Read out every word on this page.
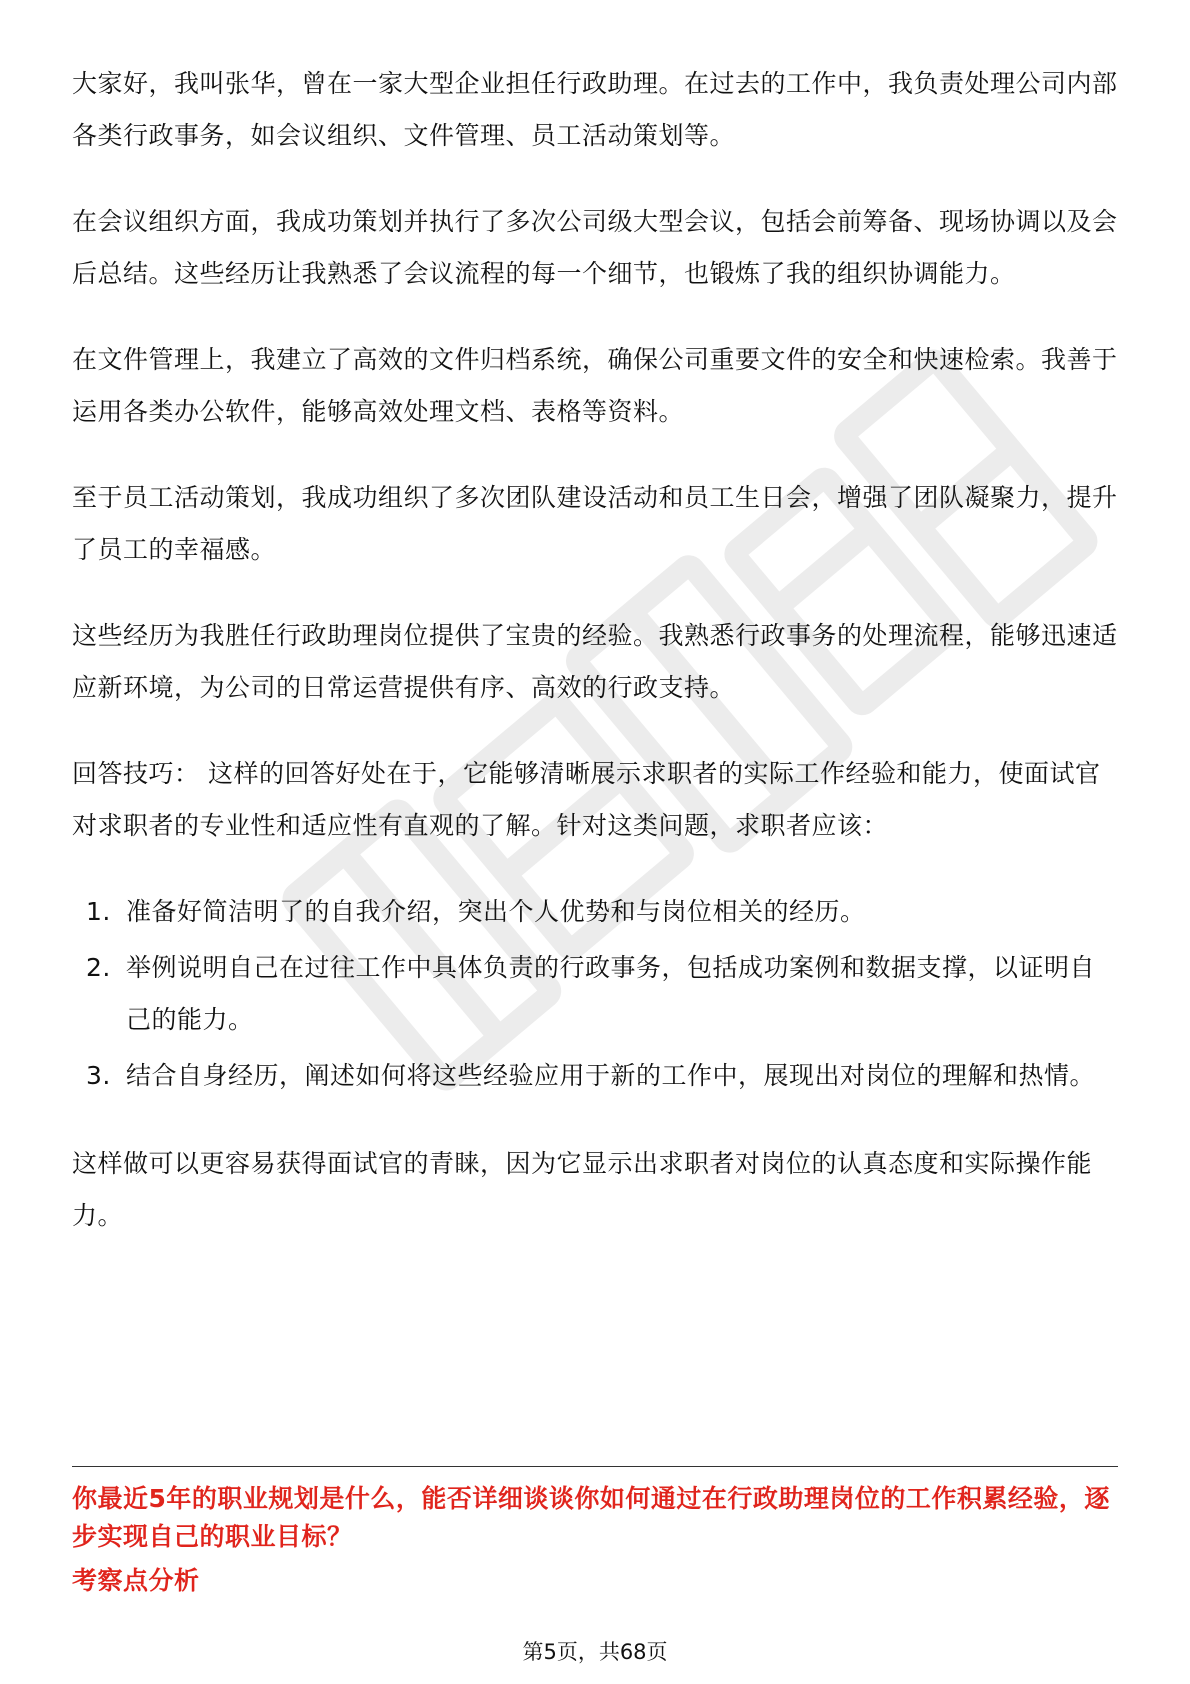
大家好，我叫张华，曾在一家大型企业担任行政助理。在过去的工作中，我负责处理公司内部各类行政事务，如会议组织、文件管理、员工活动策划等。

在会议组织方面，我成功策划并执行了多次公司级大型会议，包括会前筹备、现场协调以及会后总结。这些经历让我熟悉了会议流程的每一个细节，也锻炼了我的组织协调能力。

在文件管理上，我建立了高效的文件归档系统，确保公司重要文件的安全和快速检索。我善于运用各类办公软件，能够高效处理文档、表格等资料。

至于员工活动策划，我成功组织了多次团队建设活动和员工生日会，增强了团队凝聚力，提升了员工的幸福感。

这些经历为我胜任行政助理岗位提供了宝贵的经验。我熟悉行政事务的处理流程，能够迅速适应新环境，为公司的日常运营提供有序、高效的行政支持。

回答技巧： 这样的回答好处在于，它能够清晰展示求职者的实际工作经验和能力，使面试官对求职者的专业性和适应性有直观的了解。针对这类问题，求职者应该：

1. 准备好简洁明了的自我介绍，突出个人优势和与岗位相关的经历。
2. 举例说明自己在过往工作中具体负责的行政事务，包括成功案例和数据支撑，以证明自己的能力。
3. 结合自身经历，阐述如何将这些经验应用于新的工作中，展现出对岗位的理解和热情。

这样做可以更容易获得面试官的青睐，因为它显示出求职者对岗位的认真态度和实际操作能力。

你最近5年的职业规划是什么，能否详细谈谈你如何通过在行政助理岗位的工作积累经验，逐步实现自己的职业目标？

考察点分析

第5页，共68页
